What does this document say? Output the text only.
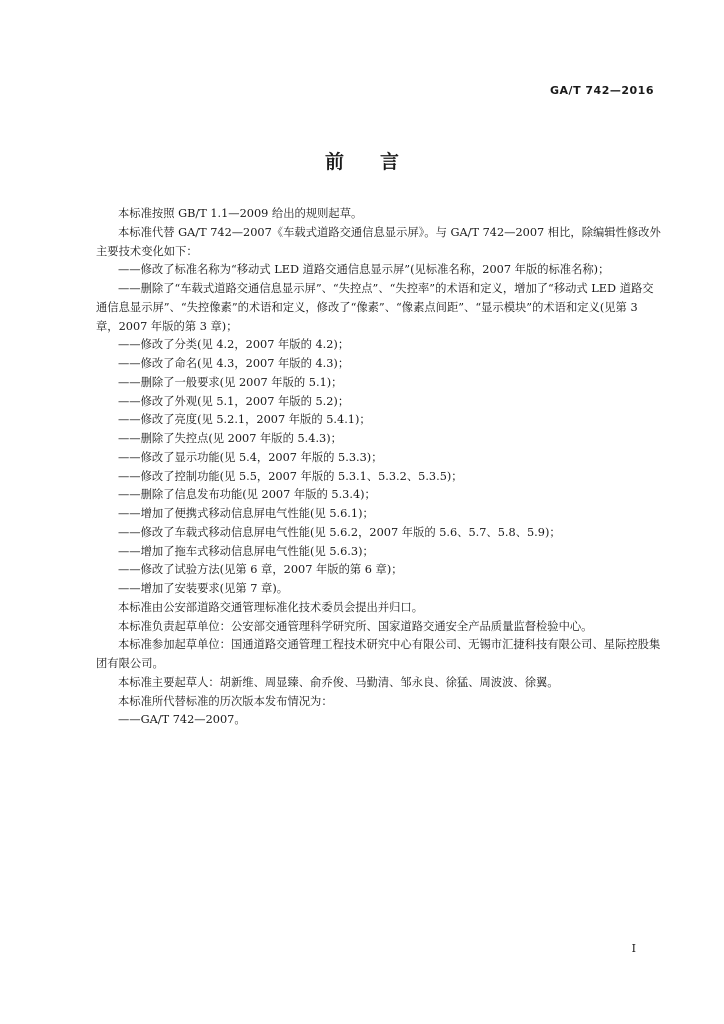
GA/T 742—2016
前 言

本标准按照 GB/T 1.1—2009 给出的规则起草。

本标准代替 GA/T 742—2007《车载式道路交通信息显示屏》。与 GA/T 742—2007 相比，除编辑性修改外主要技术变化如下：

——修改了标准名称为“移动式 LED 道路交通信息显示屏”(见标准名称，2007 年版的标准名称)；

——删除了“车载式道路交通信息显示屏”、“失控点”、“失控率”的术语和定义，增加了“移动式 LED 道路交通信息显示屏”、“失控像素”的术语和定义，修改了“像素”、“像素点间距”、“显示模块”的术语和定义(见第 3 章，2007 年版的第 3 章)；

——修改了分类(见 4.2，2007 年版的 4.2)；

——修改了命名(见 4.3，2007 年版的 4.3)；

——删除了一般要求(见 2007 年版的 5.1)；

——修改了外观(见 5.1，2007 年版的 5.2)；

——修改了亮度(见 5.2.1，2007 年版的 5.4.1)；

——删除了失控点(见 2007 年版的 5.4.3)；

——修改了显示功能(见 5.4，2007 年版的 5.3.3)；

——修改了控制功能(见 5.5，2007 年版的 5.3.1、5.3.2、5.3.5)；

——删除了信息发布功能(见 2007 年版的 5.3.4)；

——增加了便携式移动信息屏电气性能(见 5.6.1)；

——修改了车载式移动信息屏电气性能(见 5.6.2，2007 年版的 5.6、5.7、5.8、5.9)；

——增加了拖车式移动信息屏电气性能(见 5.6.3)；

——修改了试验方法(见第 6 章，2007 年版的第 6 章)；

——增加了安装要求(见第 7 章)。

本标准由公安部道路交通管理标准化技术委员会提出并归口。

本标准负责起草单位：公安部交通管理科学研究所、国家道路交通安全产品质量监督检验中心。

本标准参加起草单位：国通道路交通管理工程技术研究中心有限公司、无锡市汇捷科技有限公司、星际控股集团有限公司。

本标准主要起草人：胡新维、周显臻、俞乔俊、马勤清、邹永良、徐猛、周波波、徐翼。

本标准所代替标准的历次版本发布情况为：

——GA/T 742—2007。

I
